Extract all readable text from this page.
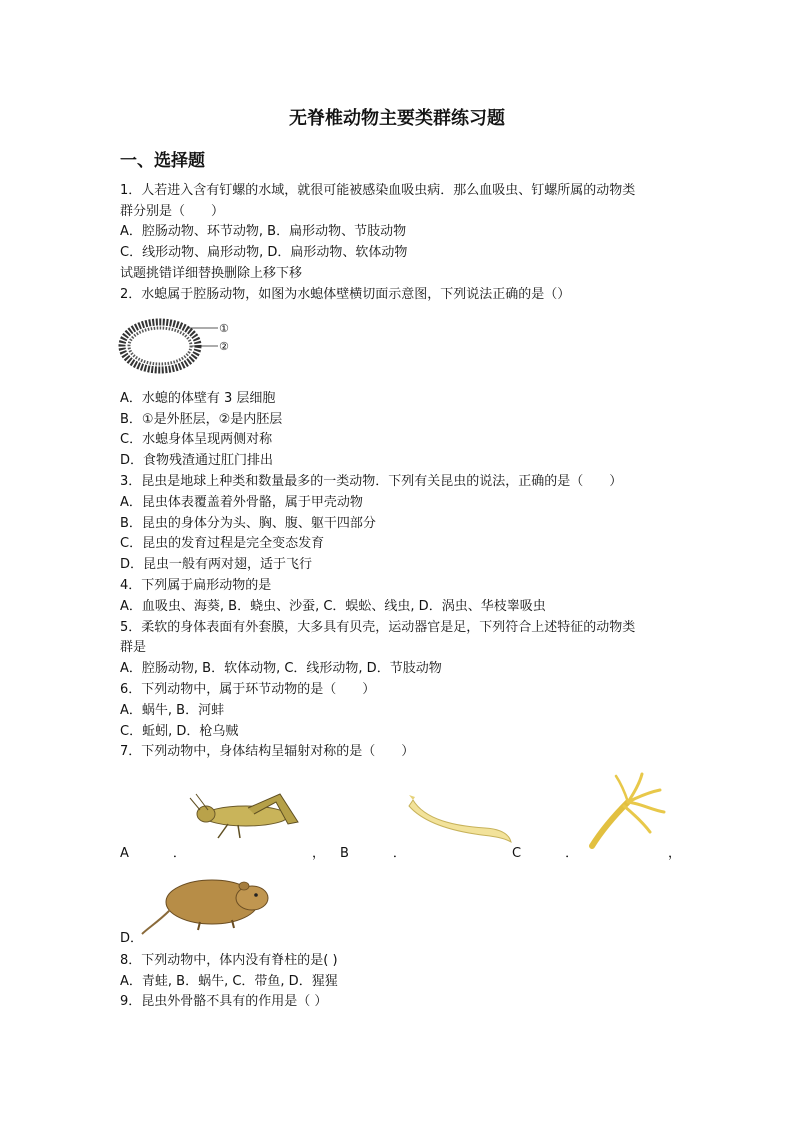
无脊椎动物主要类群练习题
一、选择题
1．人若进入含有钉螺的水域，就很可能被感染血吸虫病．那么血吸虫、钉螺所属的动物类
群分别是（　　）
A．腔肠动物、环节动物, B．扁形动物、节肢动物
C．线形动物、扁形动物, D．扁形动物、软体动物
试题挑错详细替换删除上移下移
2．水螅属于腔肠动物，如图为水螅体壁横切面示意图，下列说法正确的是（）
①
②
A．水螅的体壁有 3 层细胞
B．①是外胚层，②是内胚层
C．水螅身体呈现两侧对称
D．食物残渣通过肛门排出
3．昆虫是地球上种类和数量最多的一类动物．下列有关昆虫的说法，正确的是（　　）
A．昆虫体表覆盖着外骨骼，属于甲壳动物
B．昆虫的身体分为头、胸、腹、躯干四部分
C．昆虫的发育过程是完全变态发育
D．昆虫一般有两对翅，适于飞行
4．下列属于扁形动物的是
A．血吸虫、海葵, B．蛲虫、沙蚕, C．蜈蚣、线虫, D．涡虫、华枝睾吸虫
5．柔软的身体表面有外套膜，大多具有贝壳，运动器官是足，下列符合上述特征的动物类
群是
A．腔肠动物, B．软体动物, C．线形动物, D．节肢动物
6．下列动物中，属于环节动物的是（　　）
A．蜗牛, B．河蚌
C．蚯蚓, D．枪乌贼
7．下列动物中，身体结构呈辐射对称的是（　　）
A　　．	， B　　．	C　　．	，
D．
8．下列动物中，体内没有脊柱的是( )
A．青蛙, B．蜗牛, C．带鱼, D．猩猩
9．昆虫外骨骼不具有的作用是（ ）
